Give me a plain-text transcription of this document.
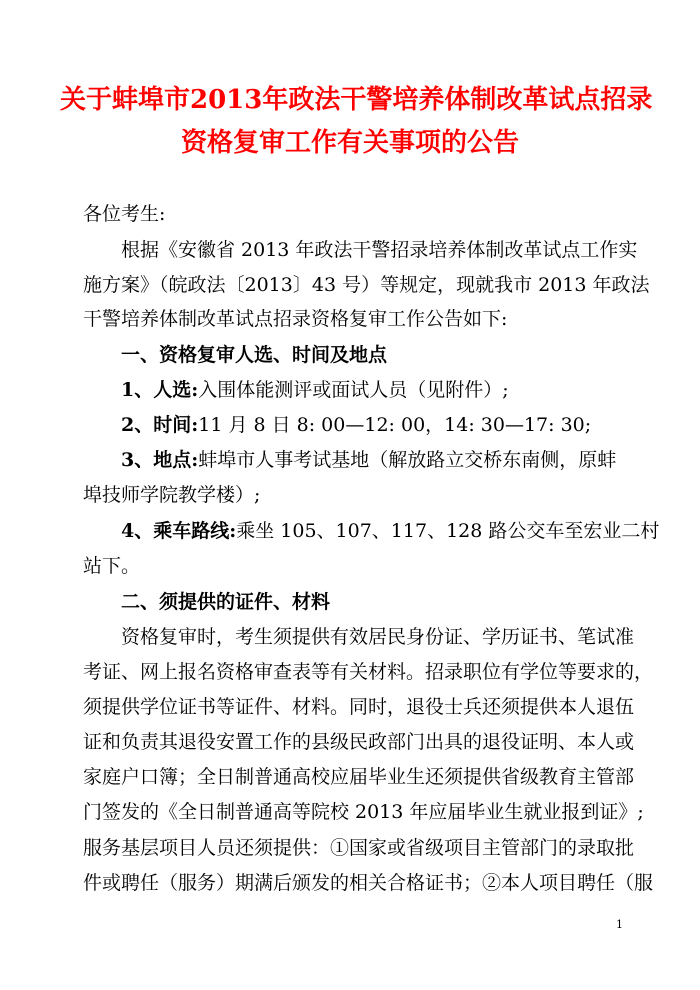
关于蚌埠市2013年政法干警培养体制改革试点招录
资格复审工作有关事项的公告
各位考生:
根据《安徽省 2013 年政法干警招录培养体制改革试点工作实
施方案》（皖政法〔2013〕43 号）等规定，现就我市 2013 年政法
干警培养体制改革试点招录资格复审工作公告如下:
一、资格复审人选、时间及地点
1、人选:入围体能测评或面试人员（见附件）;
2、时间:11 月 8 日 8: 00—12: 00，14: 30—17: 30;
3、地点:蚌埠市人事考试基地（解放路立交桥东南侧，原蚌
埠技师学院教学楼）;
4、乘车路线:乘坐 105、107、117、128 路公交车至宏业二村
站下。
二、须提供的证件、材料
资格复审时，考生须提供有效居民身份证、学历证书、笔试准
考证、网上报名资格审查表等有关材料。招录职位有学位等要求的，
须提供学位证书等证件、材料。同时，退役士兵还须提供本人退伍
证和负责其退役安置工作的县级民政部门出具的退役证明、本人或
家庭户口簿；全日制普通高校应届毕业生还须提供省级教育主管部
门签发的《全日制普通高等院校 2013 年应届毕业生就业报到证》;
服务基层项目人员还须提供：①国家或省级项目主管部门的录取批
件或聘任（服务）期满后颁发的相关合格证书；②本人项目聘任（服
1
